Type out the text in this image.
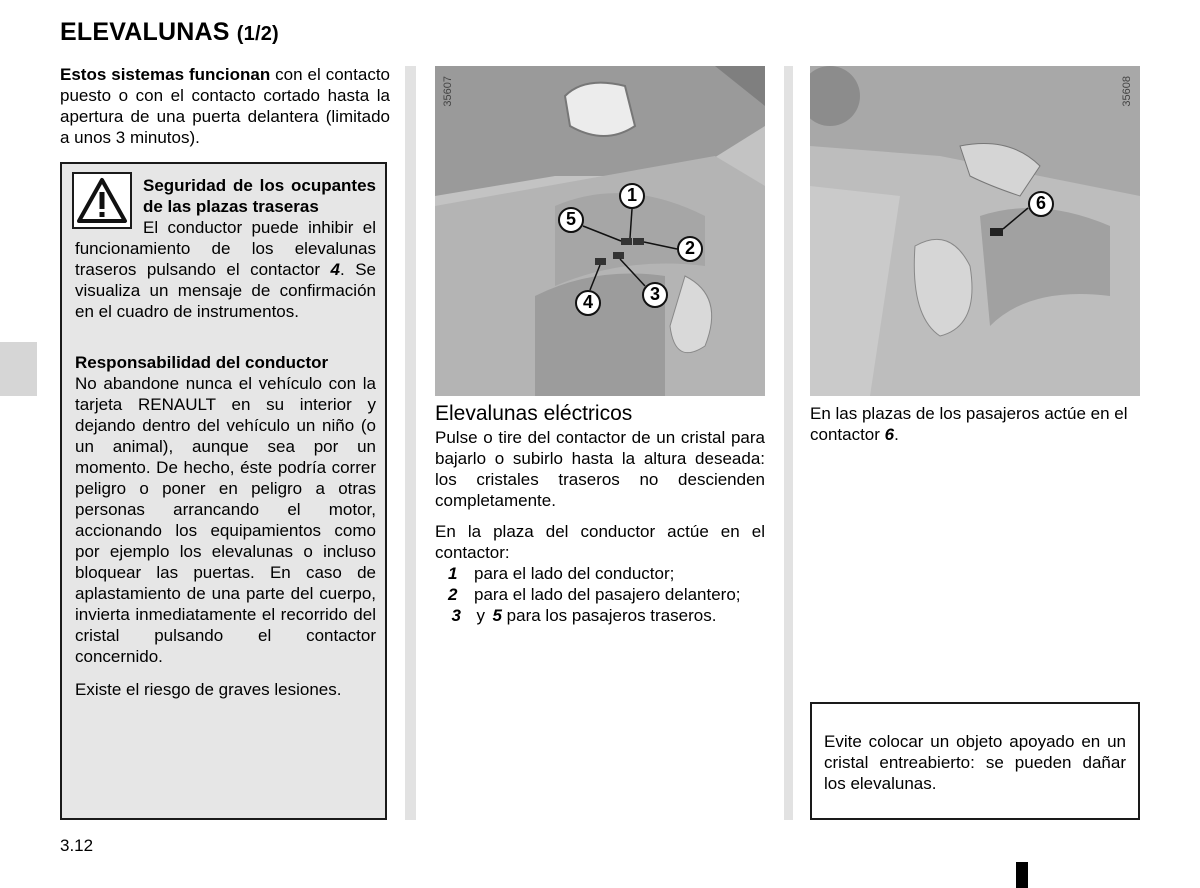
ELEVALUNAS (1/2)
Estos sistemas funcionan con el contacto puesto o con el contacto cortado hasta la apertura de una puerta delantera (limitado a unos 3 minutos).
Seguridad de los ocupantes de las plazas traseras
El conductor puede inhibir el funcionamiento de los elevalunas traseros pulsando el contactor 4. Se visualiza un mensaje de confirmación en el cuadro de instrumentos.
Responsabilidad del conductor
No abandone nunca el vehículo con la tarjeta RENAULT en su interior y dejando dentro del vehículo un niño (o un animal), aunque sea por un momento. De hecho, éste podría correr peligro o poner en peligro a otras personas arrancando el motor, accionando los equipamientos como por ejemplo los elevalunas o incluso bloquear las puertas. En caso de aplastamiento de una parte del cuerpo, invierta inmediatamente el recorrido del cristal pulsando el contactor concernido.
Existe el riesgo de graves lesiones.
1
2
3
4
5
35607
6
35608
Elevalunas eléctricos
Pulse o tire del contactor de un cristal para bajarlo o subirlo hasta la altura deseada: los cristales traseros no descienden completamente.
En la plaza del conductor actúe en el contactor:
1 para el lado del conductor;
2 para el lado del pasajero delantero;
3 y 5 para los pasajeros traseros.
En las plazas de los pasajeros actúe en el contactor 6.
Evite colocar un objeto apoyado en un cristal entreabierto: se pueden dañar los elevalunas.
3.12
